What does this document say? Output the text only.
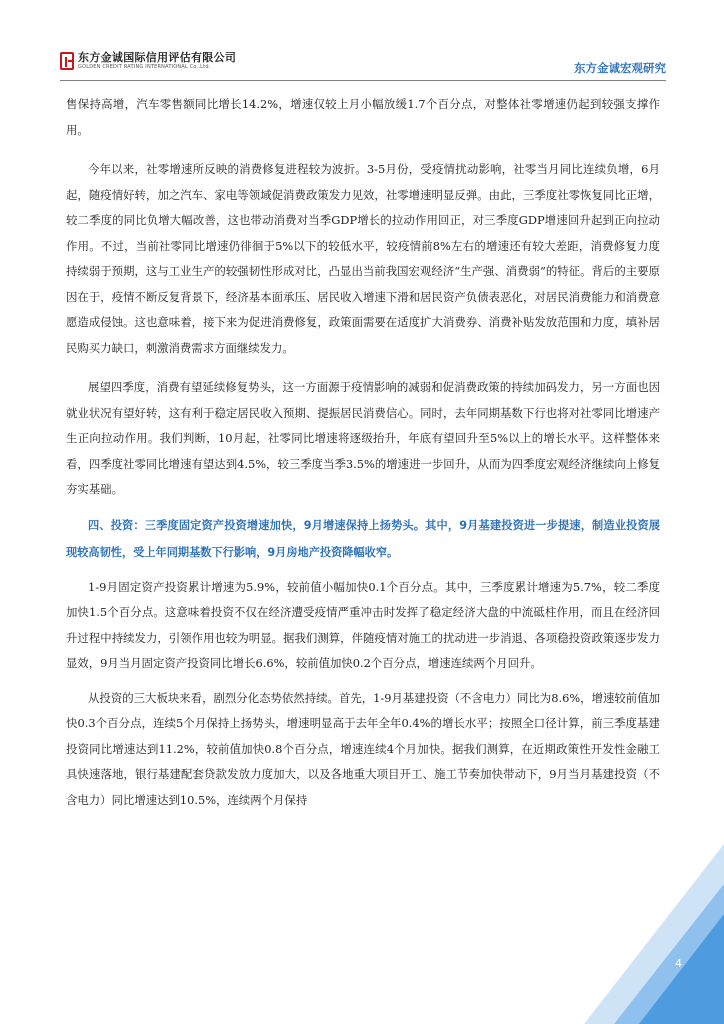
东方金诚国际信用评估有限公司
GOLDEN CREDIT RATING INTERNATIONAL Co.,Ltd.	东方金诚宏观研究

售保持高增，汽车零售额同比增长14.2%，增速仅较上月小幅放缓1.7个百分点，对整体社零增速仍起到较强支撑作用。

今年以来，社零增速所反映的消费修复进程较为波折。3-5月份，受疫情扰动影响，社零当月同比连续负增，6月起，随疫情好转，加之汽车、家电等领域促消费政策发力见效，社零增速明显反弹。由此，三季度社零恢复同比正增，较二季度的同比负增大幅改善，这也带动消费对当季GDP增长的拉动作用回正，对三季度GDP增速回升起到正向拉动作用。不过，当前社零同比增速仍徘徊于5%以下的较低水平，较疫情前8%左右的增速还有较大差距，消费修复力度持续弱于预期，这与工业生产的较强韧性形成对比，凸显出当前我国宏观经济“生产强、消费弱”的特征。背后的主要原因在于，疫情不断反复背景下，经济基本面承压、居民收入增速下滑和居民资产负债表恶化，对居民消费能力和消费意愿造成侵蚀。这也意味着，接下来为促进消费修复，政策面需要在适度扩大消费券、消费补贴发放范围和力度，填补居民购买力缺口，刺激消费需求方面继续发力。

展望四季度，消费有望延续修复势头，这一方面源于疫情影响的减弱和促消费政策的持续加码发力，另一方面也因就业状况有望好转，这有利于稳定居民收入预期、提振居民消费信心。同时，去年同期基数下行也将对社零同比增速产生正向拉动作用。我们判断，10月起，社零同比增速将逐级抬升，年底有望回升至5%以上的增长水平。这样整体来看，四季度社零同比增速有望达到4.5%，较三季度当季3.5%的增速进一步回升，从而为四季度宏观经济继续向上修复夯实基础。

四、投资：三季度固定资产投资增速加快，9月增速保持上扬势头。其中，9月基建投资进一步提速，制造业投资展现较高韧性，受上年同期基数下行影响，9月房地产投资降幅收窄。

1-9月固定资产投资累计增速为5.9%，较前值小幅加快0.1个百分点。其中，三季度累计增速为5.7%，较二季度加快1.5个百分点。这意味着投资不仅在经济遭受疫情严重冲击时发挥了稳定经济大盘的中流砥柱作用，而且在经济回升过程中持续发力，引领作用也较为明显。据我们测算，伴随疫情对施工的扰动进一步消退、各项稳投资政策逐步发力显效，9月当月固定资产投资同比增长6.6%，较前值加快0.2个百分点，增速连续两个月回升。

从投资的三大板块来看，剧烈分化态势依然持续。首先，1-9月基建投资（不含电力）同比为8.6%，增速较前值加快0.3个百分点，连续5个月保持上扬势头，增速明显高于去年全年0.4%的增长水平；按照全口径计算，前三季度基建投资同比增速达到11.2%，较前值加快0.8个百分点，增速连续4个月加快。据我们测算，在近期政策性开发性金融工具快速落地，银行基建配套贷款发放力度加大，以及各地重大项目开工、施工节奏加快带动下，9月当月基建投资（不含电力）同比增速达到10.5%，连续两个月保持

4
